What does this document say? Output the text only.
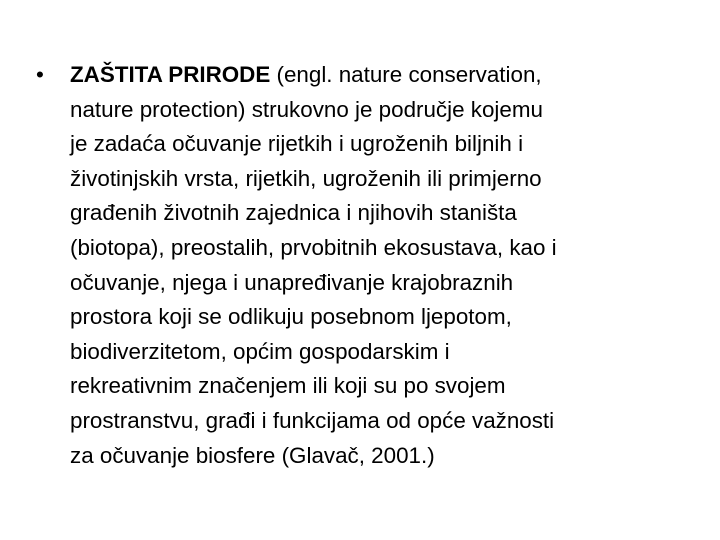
•	ZAŠTITA PRIRODE (engl. nature conservation,
nature protection) strukovno je područje kojemu
je zadaća očuvanje rijetkih i ugroženih biljnih i
životinjskih vrsta, rijetkih, ugroženih ili primjerno
građenih životnih zajednica i njihovih staništa
(biotopa), preostalih, prvobitnih ekosustava, kao i
očuvanje, njega i unapređivanje krajobraznih
prostora koji se odlikuju posebnom ljepotom,
biodiverzitetom, općim gospodarskim i
rekreativnim značenjem ili koji su po svojem
prostranstvu, građi i funkcijama od opće važnosti
za očuvanje biosfere (Glavač, 2001.)
